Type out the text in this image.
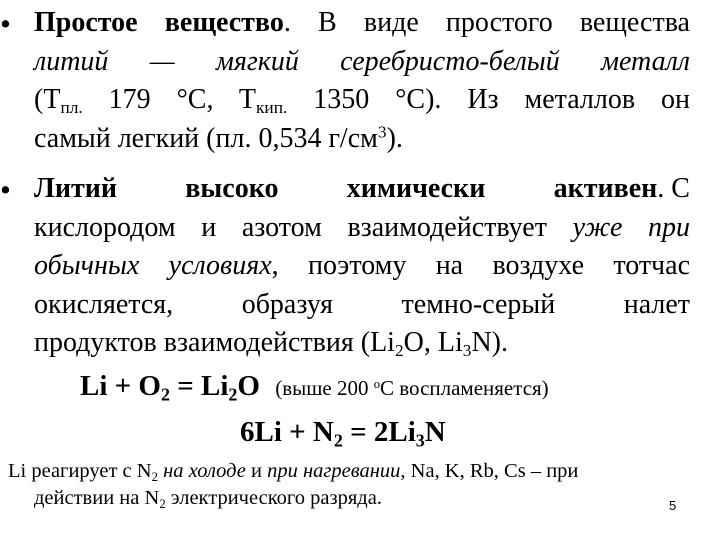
• Простое вещество. В виде простого вещества
литий — мягкий серебристо-белый металл
($T_{пл.}$ 179 °C, $T_{кип.}$ 1350 °C). Из металлов он
самый легкий (пл. 0,534 $г/см^3$).
• Литий высоко химически активен. С
кислородом и азотом взаимодействует уже при
обычных условиях, поэтому на воздухе тотчас
окисляется, образуя темно-серый налет
продуктов взаимодействия ($Li_2O$, $Li_3N$).
$Li + O_2 = Li_2O$ (выше 200 $^o$C воспламеняется)
$6Li + N_2 = 2Li_3N$
Li реагирует с $N_2$ на холоде и при нагревании, Na, K, Rb, Cs – при
действии на $N_2$ электрического разряда.	5
